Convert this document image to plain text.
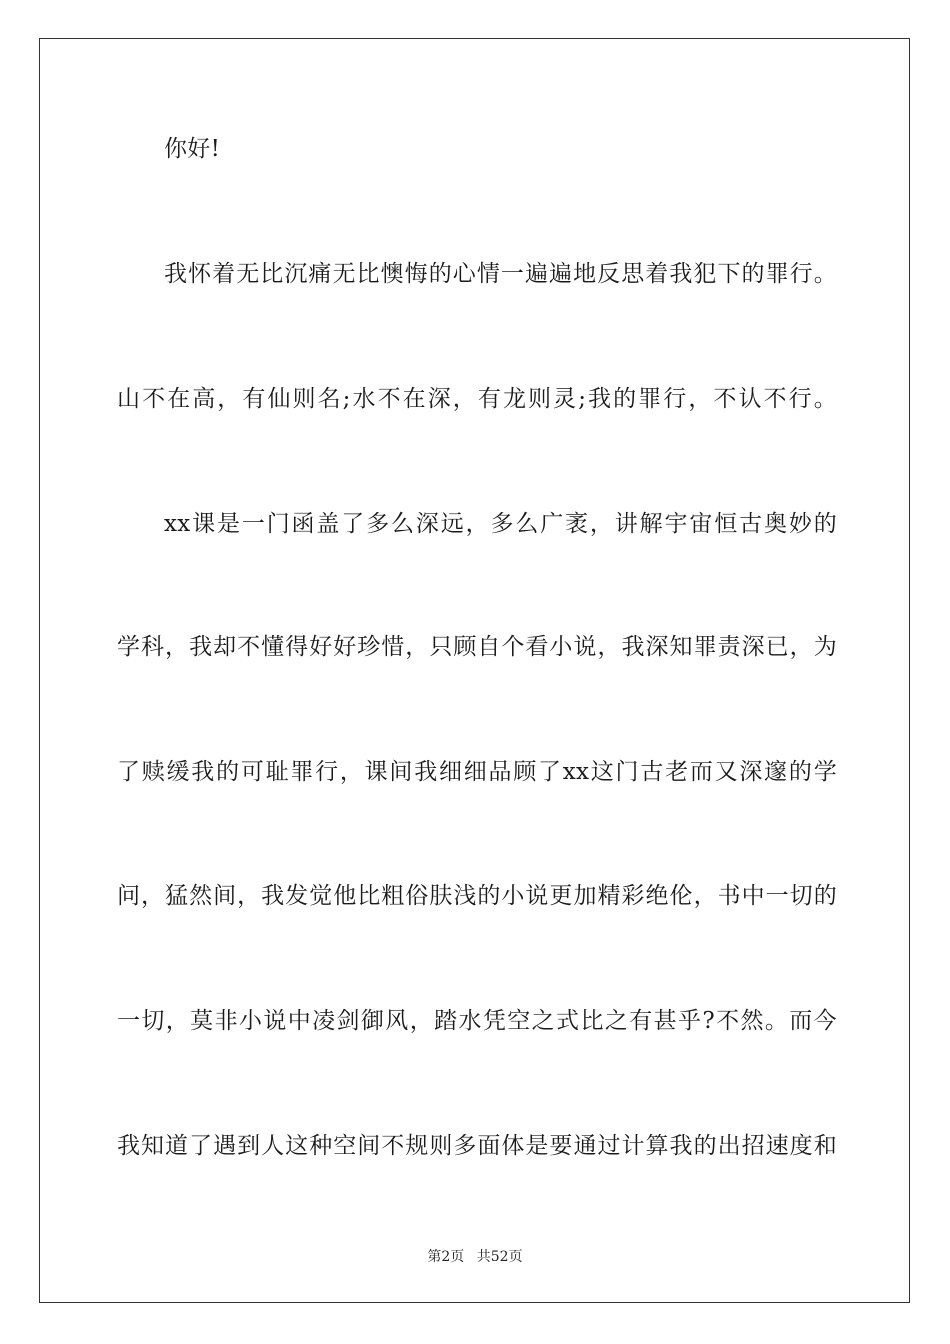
你好!
我怀着无比沉痛无比懊悔的心情一遍遍地反思着我犯下的罪行。
山不在高，有仙则名;水不在深，有龙则灵;我的罪行，不认不行。
xx课是一门函盖了多么深远，多么广袤，讲解宇宙恒古奥妙的
学科，我却不懂得好好珍惜，只顾自个看小说，我深知罪责深已，为
了赎缓我的可耻罪行，课间我细细品顾了xx这门古老而又深邃的学
问，猛然间，我发觉他比粗俗肤浅的小说更加精彩绝伦，书中一切的
一切，莫非小说中凌剑御风，踏水凭空之式比之有甚乎?不然。而今
我知道了遇到人这种空间不规则多面体是要通过计算我的出招速度和
第2页 共52页
